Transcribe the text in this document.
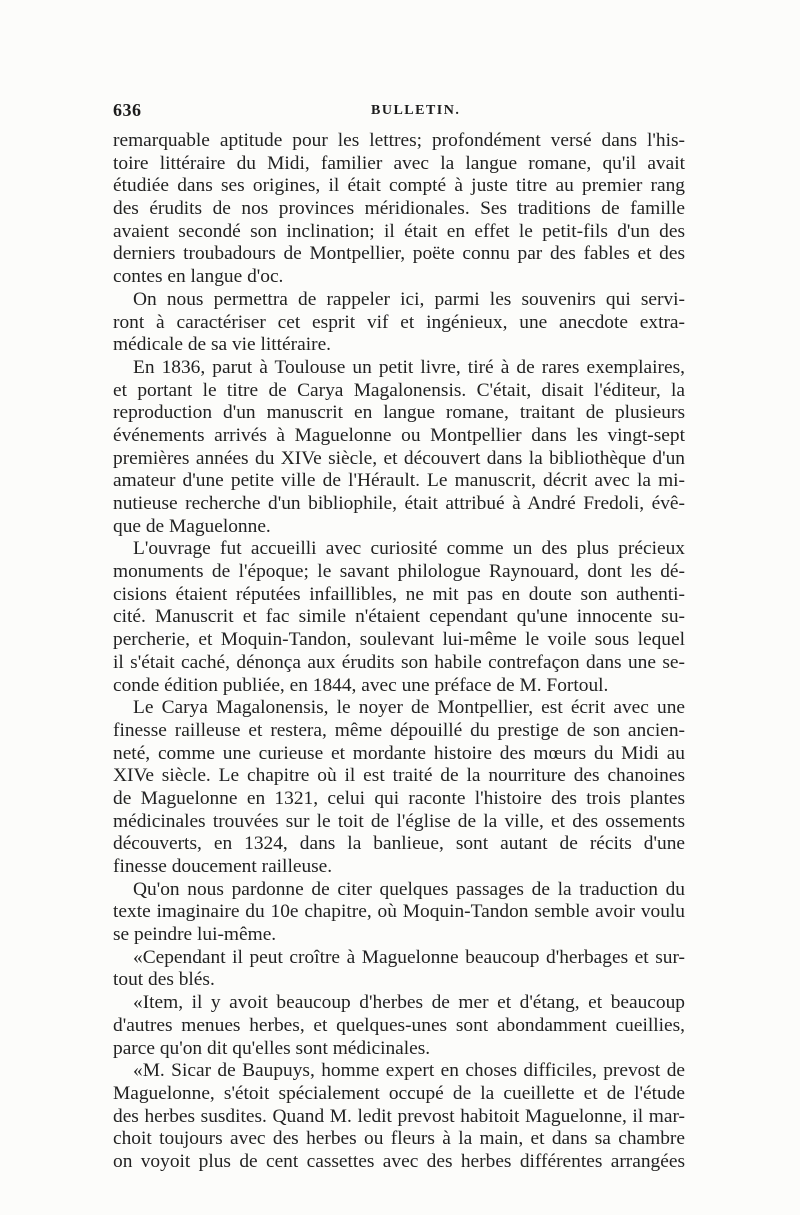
636	BULLETIN.
remarquable aptitude pour les lettres; profondément versé dans l'his-
toire littéraire du Midi, familier avec la langue romane, qu'il avait
étudiée dans ses origines, il était compté à juste titre au premier rang
des érudits de nos provinces méridionales. Ses traditions de famille
avaient secondé son inclination; il était en effet le petit-fils d'un des
derniers troubadours de Montpellier, poëte connu par des fables et des
contes en langue d'oc.
On nous permettra de rappeler ici, parmi les souvenirs qui servi-
ront à caractériser cet esprit vif et ingénieux, une anecdote extra-
médicale de sa vie littéraire.
En 1836, parut à Toulouse un petit livre, tiré à de rares exemplaires,
et portant le titre de Carya Magalonensis. C'était, disait l'éditeur, la
reproduction d'un manuscrit en langue romane, traitant de plusieurs
événements arrivés à Maguelonne ou Montpellier dans les vingt-sept
premières années du XIVe siècle, et découvert dans la bibliothèque d'un
amateur d'une petite ville de l'Hérault. Le manuscrit, décrit avec la mi-
nutieuse recherche d'un bibliophile, était attribué à André Fredoli, évê-
que de Maguelonne.
L'ouvrage fut accueilli avec curiosité comme un des plus précieux
monuments de l'époque; le savant philologue Raynouard, dont les dé-
cisions étaient réputées infaillibles, ne mit pas en doute son authenti-
cité. Manuscrit et fac simile n'étaient cependant qu'une innocente su-
percherie, et Moquin-Tandon, soulevant lui-même le voile sous lequel
il s'était caché, dénonça aux érudits son habile contrefaçon dans une se-
conde édition publiée, en 1844, avec une préface de M. Fortoul.
Le Carya Magalonensis, le noyer de Montpellier, est écrit avec une
finesse railleuse et restera, même dépouillé du prestige de son ancien-
neté, comme une curieuse et mordante histoire des mœurs du Midi au
XIVe siècle. Le chapitre où il est traité de la nourriture des chanoines
de Maguelonne en 1321, celui qui raconte l'histoire des trois plantes
médicinales trouvées sur le toit de l'église de la ville, et des ossements
découverts, en 1324, dans la banlieue, sont autant de récits d'une
finesse doucement railleuse.
Qu'on nous pardonne de citer quelques passages de la traduction du
texte imaginaire du 10e chapitre, où Moquin-Tandon semble avoir voulu
se peindre lui-même.
«Cependant il peut croître à Maguelonne beaucoup d'herbages et sur-
tout des blés.
«Item, il y avoit beaucoup d'herbes de mer et d'étang, et beaucoup
d'autres menues herbes, et quelques-unes sont abondamment cueillies,
parce qu'on dit qu'elles sont médicinales.
«M. Sicar de Baupuys, homme expert en choses difficiles, prevost de
Maguelonne, s'étoit spécialement occupé de la cueillette et de l'étude
des herbes susdites. Quand M. ledit prevost habitoit Maguelonne, il mar-
choit toujours avec des herbes ou fleurs à la main, et dans sa chambre
on voyoit plus de cent cassettes avec des herbes différentes arrangées
